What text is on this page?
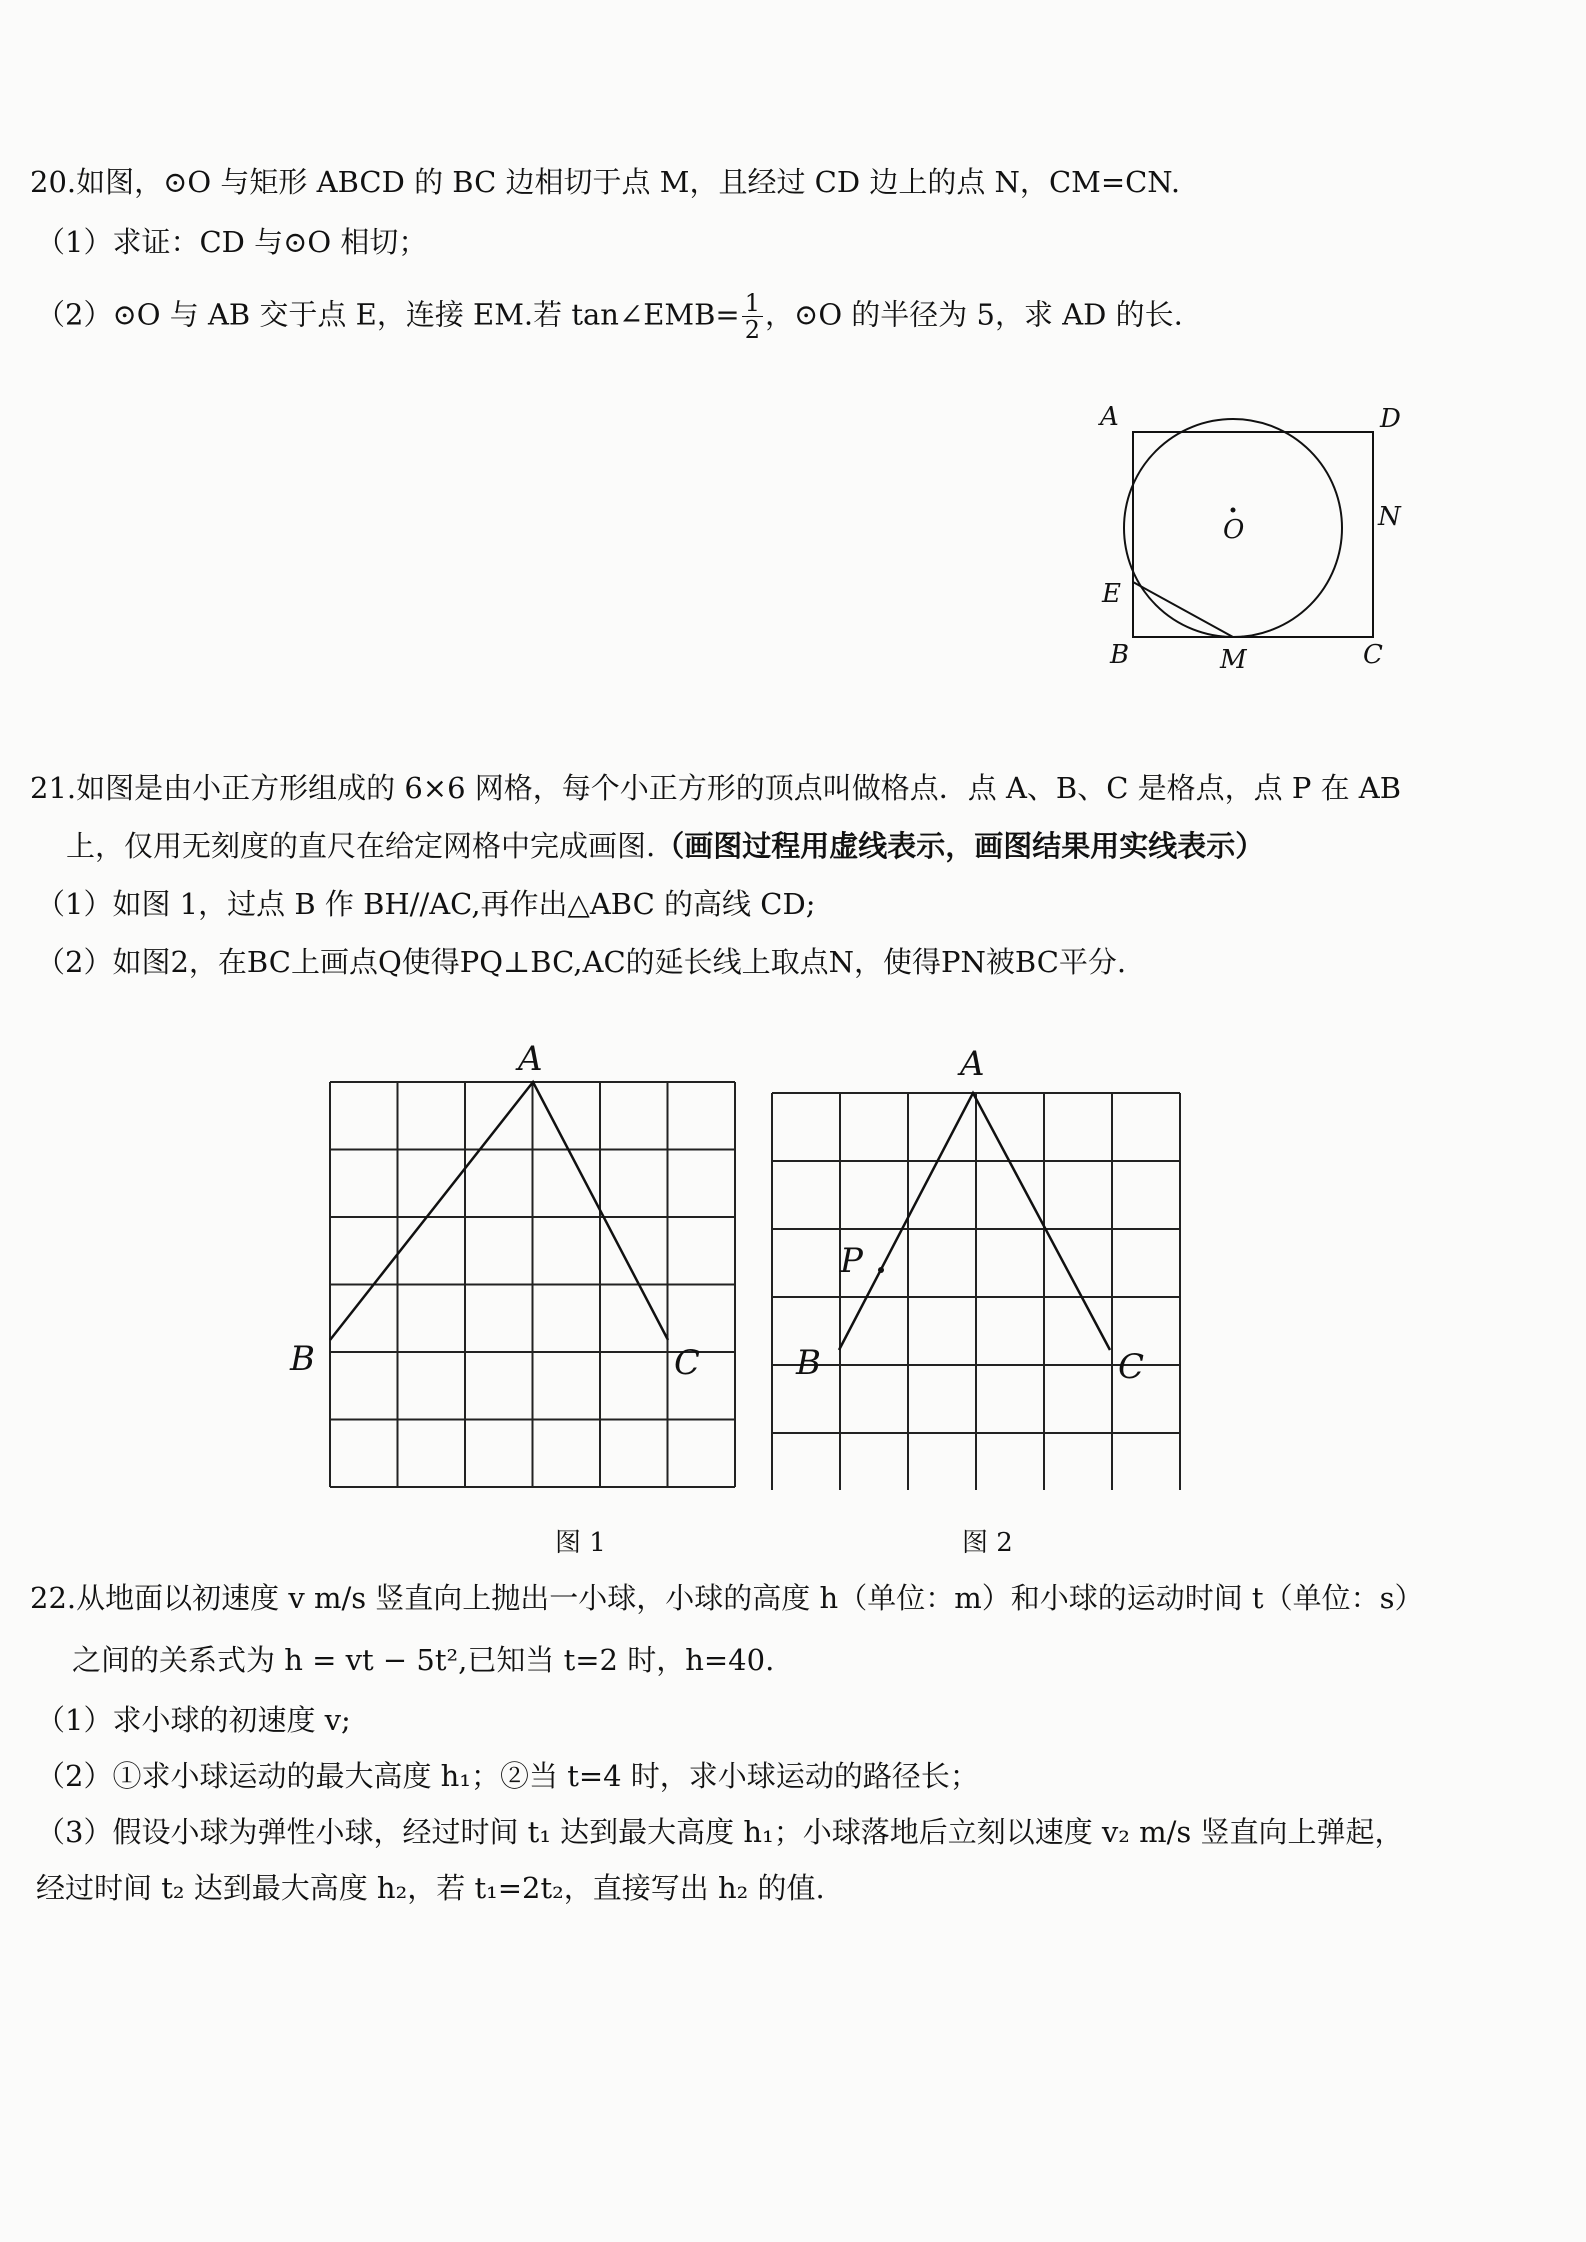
20.如图，⊙O 与矩形 ABCD 的 BC 边相切于点 M，且经过 CD 边上的点 N，CM=CN.
（1）求证：CD 与⊙O 相切；
（2）⊙O 与 AB 交于点 E，连接 EM.若 tan∠EMB= $\frac{1}{2}$ ，⊙O 的半径为 5，求 AD 的长.
A	D
O	N
E
B	M	C
21.如图是由小正方形组成的 6×6 网格，每个小正方形的顶点叫做格点．点 A、B、C 是格点，点 P 在 AB
上，仅用无刻度的直尺在给定网格中完成画图.（画图过程用虚线表示，画图结果用实线表示）
（1）如图 1，过点 B 作 BH//AC,再作出△ABC 的高线 CD;
（2）如图2，在BC上画点Q使得PQ⊥BC,AC的延长线上取点N，使得PN被BC平分.
A
B	C
A
B	C
P
图 1	图 2
22.从地面以初速度 v m/s 竖直向上抛出一小球，小球的高度 h（单位：m）和小球的运动时间 t（单位：s）
之间的关系式为 h = vt − 5t²,已知当 t=2 时，h=40.
（1）求小球的初速度 v;
（2）①求小球运动的最大高度 h₁；②当 t=4 时，求小球运动的路径长；
（3）假设小球为弹性小球，经过时间 t₁ 达到最大高度 h₁；小球落地后立刻以速度 v₂ m/s 竖直向上弹起，
经过时间 t₂ 达到最大高度 h₂，若 t₁=2t₂，直接写出 h₂ 的值.
